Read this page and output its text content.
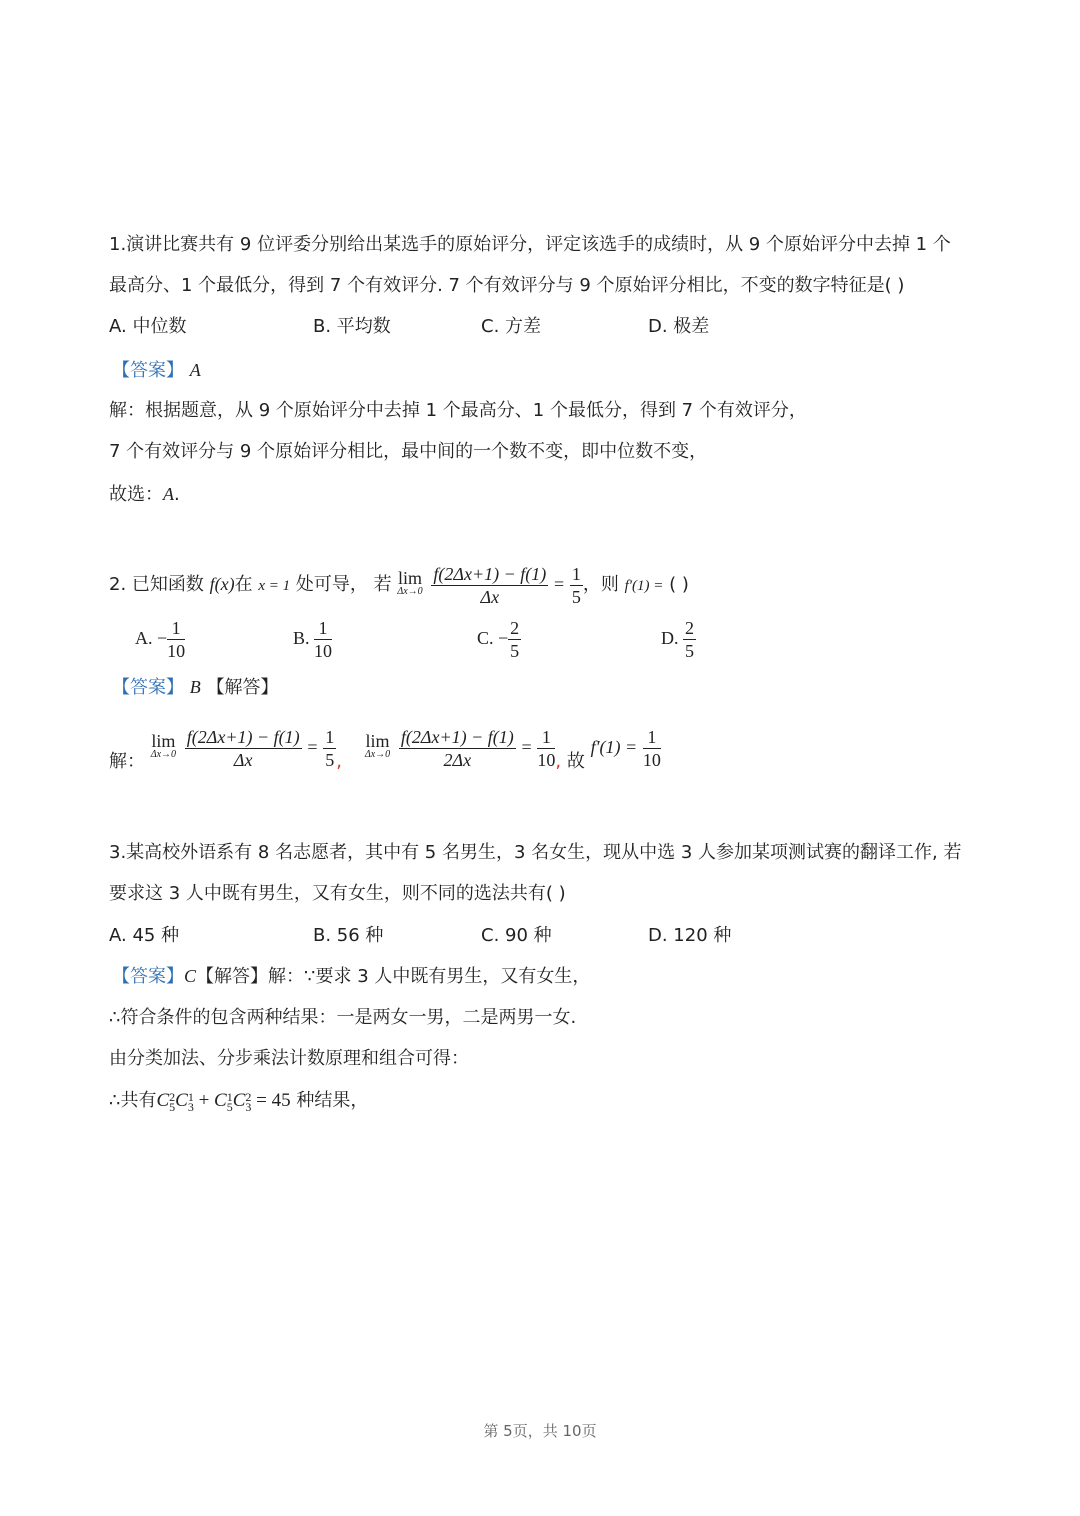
1.演讲比赛共有 9 位评委分别给出某选手的原始评分，评定该选手的成绩时，从 9 个原始评分中去掉 1 个
最高分、1 个最低分，得到 7 个有效评分. 7 个有效评分与 9 个原始评分相比，不变的数字特征是( )
A. 中位数	B. 平均数	C. 方差	D. 极差
【答案】 A
解：根据题意，从 9 个原始评分中去掉 1 个最高分、1 个最低分，得到 7 个有效评分，
7 个有效评分与 9 个原始评分相比，最中间的一个数不变，即中位数不变，
故选：A.
2. 已知函数 f(x)在 x = 1 处可导， 若 lim
Δx→0
$\frac{f(2\Delta x+1) - f(1)}{\Delta x} = \frac{1}{5}$ ，则 f′(1) = ( )
A. − $\frac{1}{10}$	B. $\frac{1}{10}$	C. − $\frac{2}{5}$	D. $\frac{2}{5}$
【答案】 B 【解答】
解： lim
Δx→0
$\frac{f(2\Delta x+1) - f(1)}{\Delta x} = \frac{1}{5}$ ,    lim
Δx→0
$\frac{f(2\Delta x+1) - f(1)}{2\Delta x} = \frac{1}{10}$ , 故 $f'(1) = \frac{1}{10}$
3.某高校外语系有 8 名志愿者，其中有 5 名男生，3 名女生，现从中选 3 人参加某项测试赛的翻译工作, 若
要求这 3 人中既有男生，又有女生，则不同的选法共有( )
A. 45 种	B. 56 种	C. 90 种	D. 120 种
【答案】C【解答】解：∵要求 3 人中既有男生，又有女生，
∴符合条件的包含两种结果：一是两女一男，二是两男一女.
由分类加法、分步乘法计数原理和组合可得：
∴共有C 2
5 C 1
3 + C 1
5 C 2
3 = 45 种结果，
第 5页，共 10页
